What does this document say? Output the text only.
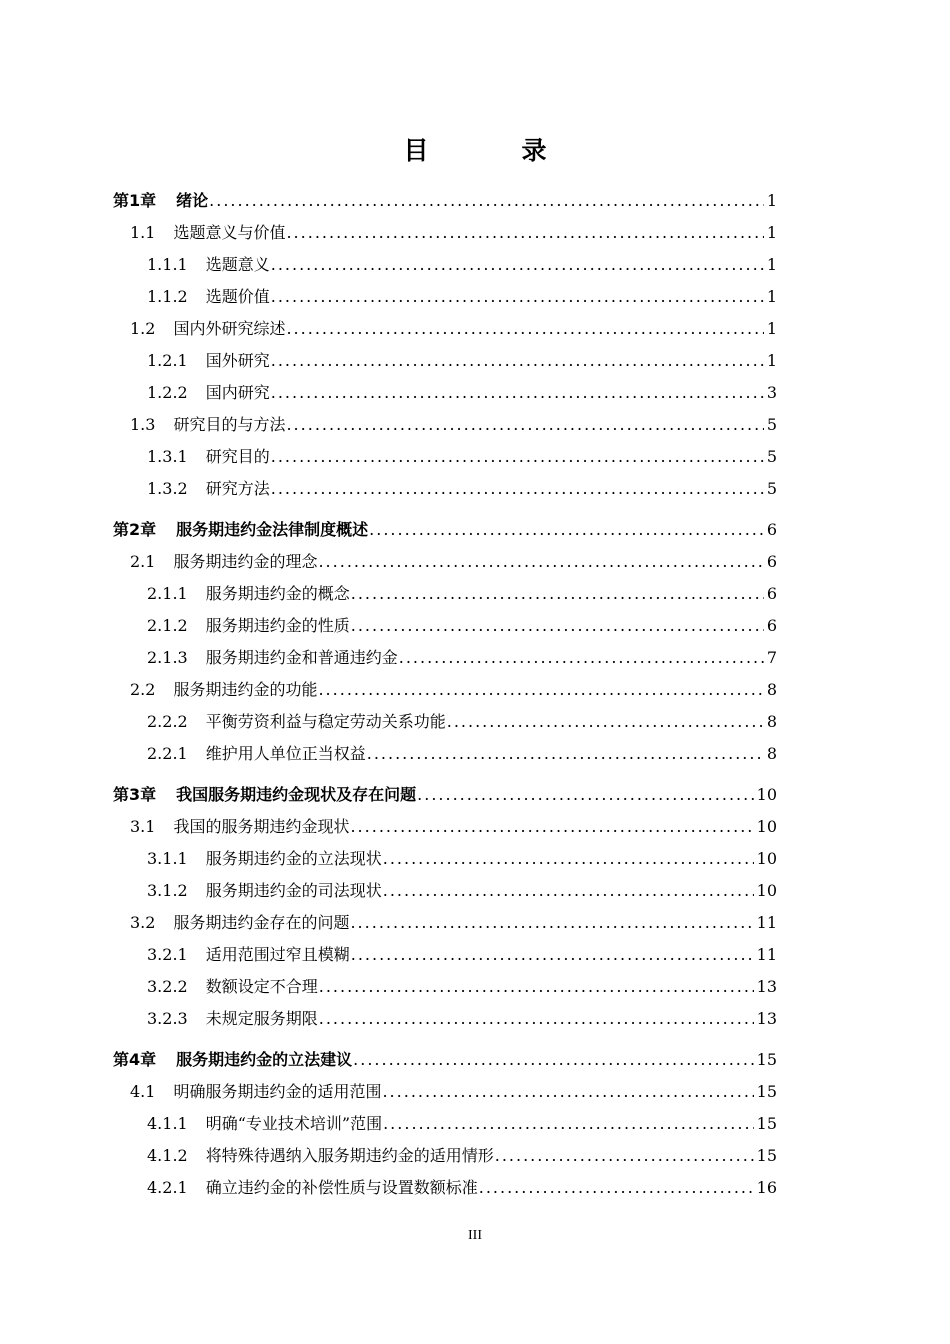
目　录
第1章 绪论 .....	1
1.1 选题意义与价值 .....	1
1.1.1 选题意义 .....	1
1.1.2 选题价值 .....	1
1.2 国内外研究综述 .....	1
1.2.1 国外研究 .....	1
1.2.2 国内研究 .....	3
1.3 研究目的与方法 .....	5
1.3.1 研究目的 .....	5
1.3.2 研究方法 .....	5
第2章 服务期违约金法律制度概述 .....	6
2.1 服务期违约金的理念 .....	6
2.1.1 服务期违约金的概念 .....	6
2.1.2 服务期违约金的性质 .....	6
2.1.3 服务期违约金和普通违约金 .....	7
2.2 服务期违约金的功能 .....	8
2.2.2 平衡劳资利益与稳定劳动关系功能 .....	8
2.2.1 维护用人单位正当权益 .....	8
第3章 我国服务期违约金现状及存在问题 .....	10
3.1 我国的服务期违约金现状 .....	10
3.1.1 服务期违约金的立法现状 .....	10
3.1.2 服务期违约金的司法现状 .....	10
3.2 服务期违约金存在的问题 .....	11
3.2.1 适用范围过窄且模糊 .....	11
3.2.2 数额设定不合理 .....	13
3.2.3 未规定服务期限 .....	13
第4章 服务期违约金的立法建议 .....	15
4.1 明确服务期违约金的适用范围 .....	15
4.1.1 明确“专业技术培训”范围 .....	15
4.1.2 将特殊待遇纳入服务期违约金的适用情形 .....	15
4.2.1 确立违约金的补偿性质与设置数额标准 .....	16
III
